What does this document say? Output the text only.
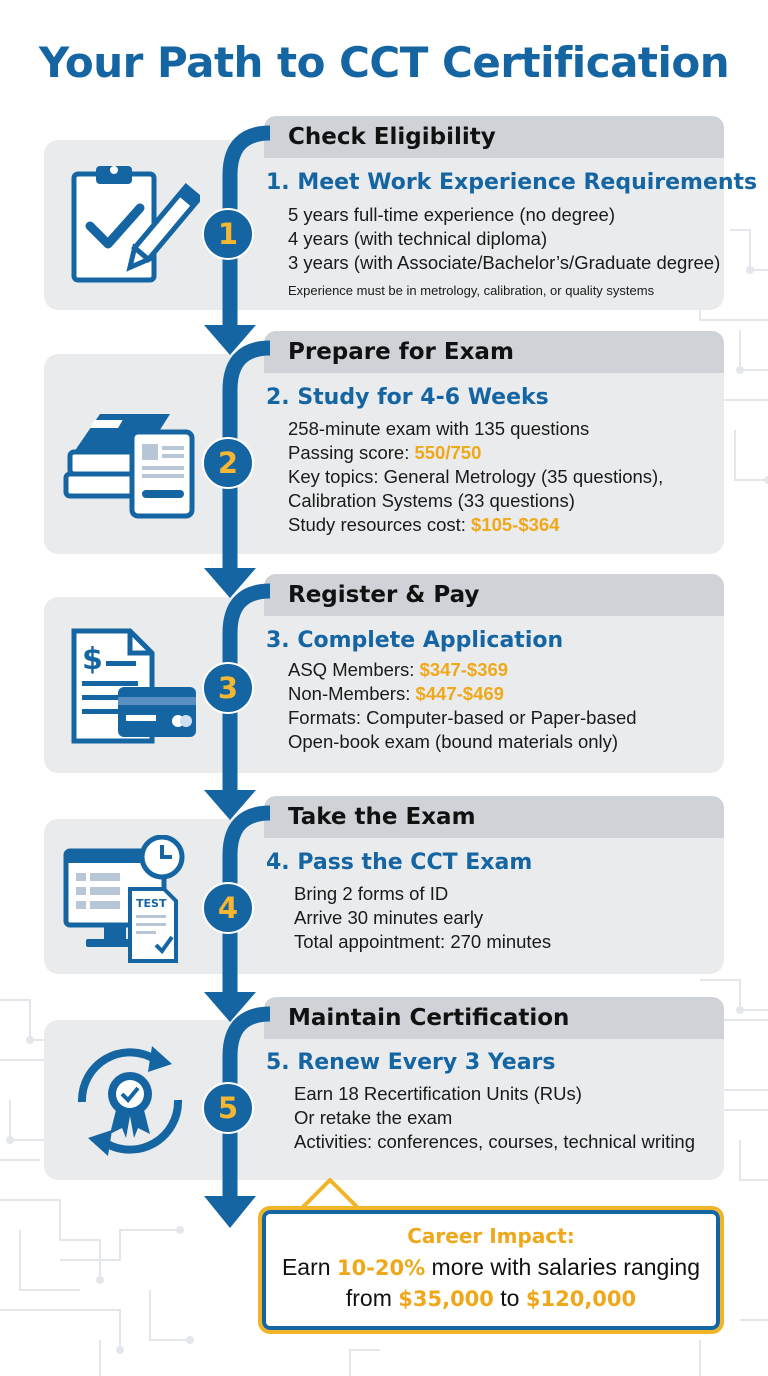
Your Path to CCT Certification
Check Eligibility
Prepare for Exam
Register & Pay
Take the Exam
Maintain Certification
1
2
3
4
5
$
TEST
1. Meet Work Experience Requirements
5 years full-time experience (no degree)
4 years (with technical diploma)
3 years (with Associate/Bachelor’s/Graduate degree)
Experience must be in metrology, calibration, or quality systems
2. Study for 4-6 Weeks
258-minute exam with 135 questions
Passing score: 550/750
Key topics: General Metrology (35 questions),
Calibration Systems (33 questions)
Study resources cost: $105-$364
3. Complete Application
ASQ Members: $347-$369
Non-Members: $447-$469
Formats: Computer-based or Paper-based
Open-book exam (bound materials only)
4. Pass the CCT Exam
Bring 2 forms of ID
Arrive 30 minutes early
Total appointment: 270 minutes
5. Renew Every 3 Years
Earn 18 Recertification Units (RUs)
Or retake the exam
Activities: conferences, courses, technical writing
Career Impact:
Earn 10-20% more with salaries ranging
from $35,000 to $120,000
